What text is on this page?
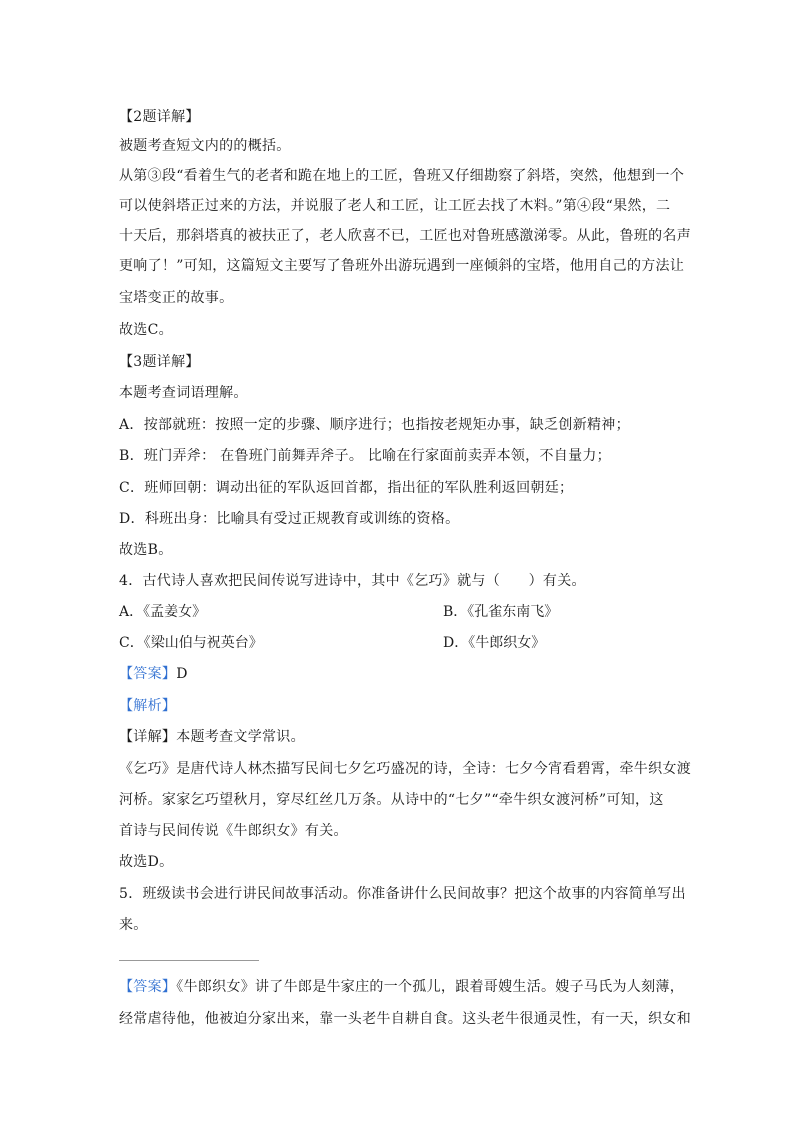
【2题详解】
被题考查短文内的的概括。
从第③段“看着生气的老者和跪在地上的工匠，鲁班又仔细勘察了斜塔，突然，他想到一个
可以使斜塔正过来的方法，并说服了老人和工匠，让工匠去找了木料。”第④段“果然，二
十天后，那斜塔真的被扶正了，老人欣喜不已，工匠也对鲁班感激涕零。从此，鲁班的名声
更响了！”可知，这篇短文主要写了鲁班外出游玩遇到一座倾斜的宝塔，他用自己的方法让
宝塔变正的故事。
故选C。
【3题详解】
本题考查词语理解。
A．按部就班：按照一定的步骤、顺序进行；也指按老规矩办事，缺乏创新精神；
B．班门弄斧： 在鲁班门前舞弄斧子。 比喻在行家面前卖弄本领，不自量力；
C．班师回朝：调动出征的军队返回首都，指出征的军队胜利返回朝廷；
D．科班出身：比喻具有受过正规教育或训练的资格。
故选B。
4．古代诗人喜欢把民间传说写进诗中，其中《乞巧》就与（　　）有关。
A．《孟姜女》	B．《孔雀东南飞》
C．《梁山伯与祝英台》	D．《牛郎织女》
【答案】D
【解析】
【详解】本题考查文学常识。
《乞巧》是唐代诗人林杰描写民间七夕乞巧盛况的诗，全诗：七夕今宵看碧霄，牵牛织女渡
河桥。家家乞巧望秋月，穿尽红丝几万条。从诗中的“七夕”“牵牛织女渡河桥”可知，这
首诗与民间传说《牛郎织女》有关。
故选D。
5．班级读书会进行讲民间故事活动。你准备讲什么民间故事？把这个故事的内容简单写出
来。
【答案】《牛郎织女》讲了牛郎是牛家庄的一个孤儿，跟着哥嫂生活。嫂子马氏为人刻薄，
经常虐待他，他被迫分家出来，靠一头老牛自耕自食。这头老牛很通灵性，有一天，织女和
